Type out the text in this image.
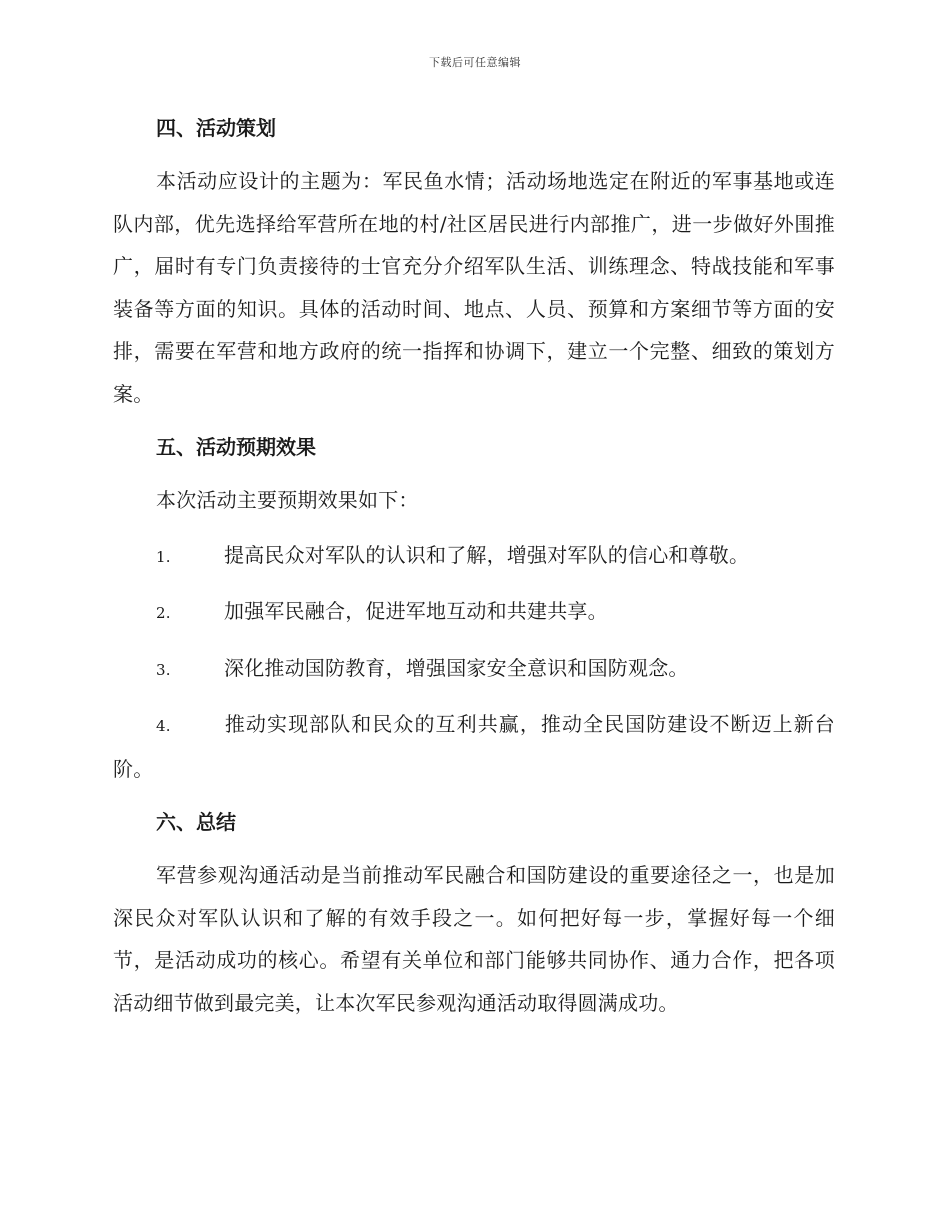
下载后可任意编辑
四、活动策划

本活动应设计的主题为：军民鱼水情；活动场地选定在附近的军事基地或连队内部，优先选择给军营所在地的村/社区居民进行内部推广，进一步做好外围推广，届时有专门负责接待的士官充分介绍军队生活、训练理念、特战技能和军事装备等方面的知识。具体的活动时间、地点、人员、预算和方案细节等方面的安排，需要在军营和地方政府的统一指挥和协调下，建立一个完整、细致的策划方案。

五、活动预期效果

本次活动主要预期效果如下：

1.	提高民众对军队的认识和了解，增强对军队的信心和尊敬。

2.	加强军民融合，促进军地互动和共建共享。

3.	深化推动国防教育，增强国家安全意识和国防观念。

4.	推动实现部队和民众的互利共赢，推动全民国防建设不断迈上新台阶。

六、总结

军营参观沟通活动是当前推动军民融合和国防建设的重要途径之一，也是加深民众对军队认识和了解的有效手段之一。如何把好每一步，掌握好每一个细节，是活动成功的核心。希望有关单位和部门能够共同协作、通力合作，把各项活动细节做到最完美，让本次军民参观沟通活动取得圆满成功。
